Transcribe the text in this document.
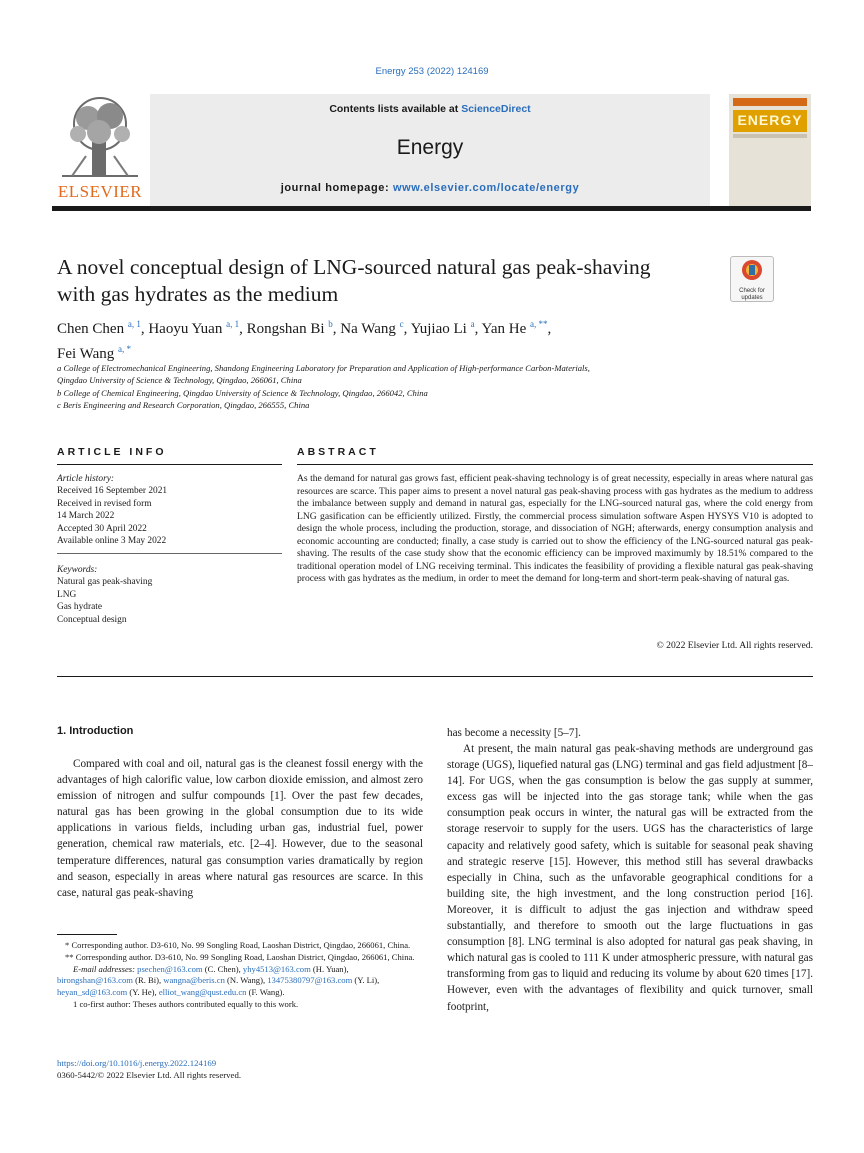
Energy 253 (2022) 124169
ELSEVIER
Contents lists available at ScienceDirect
Energy
journal homepage: www.elsevier.com/locate/energy
ENERGY
A novel conceptual design of LNG-sourced natural gas peak-shaving
with gas hydrates as the medium	Check for
updates
Chen Chen $^{a, 1}$, Haoyu Yuan $^{a, 1}$, Rongshan Bi $^b$, Na Wang $^c$, Yujiao Li $^a$, Yan He $^{a, **}$,
Fei Wang $^{a, *}$
a College of Electromechanical Engineering, Shandong Engineering Laboratory for Preparation and Application of High-performance Carbon-Materials,
Qingdao University of Science & Technology, Qingdao, 266061, China
b College of Chemical Engineering, Qingdao University of Science & Technology, Qingdao, 266042, China
c Beris Engineering and Research Corporation, Qingdao, 266555, China
ARTICLE INFO	ABSTRACT
Article history:
Received 16 September 2021
Received in revised form
14 March 2022
Accepted 30 April 2022
Available online 3 May 2022
Keywords:
Natural gas peak-shaving
LNG
Gas hydrate
Conceptual design
As the demand for natural gas grows fast, efficient peak-shaving technology is of great necessity, especially in areas where natural gas resources are scarce. This paper aims to present a novel natural gas peak-shaving process with gas hydrates as the medium to address the imbalance between supply and demand in natural gas, especially for the LNG-sourced natural gas, where the cold energy from LNG gasification can be efficiently utilized. Firstly, the commercial process simulation software Aspen HYSYS V10 is adopted to design the whole process, including the production, storage, and dissociation of NGH; afterwards, energy consumption analysis and economic accounting are conducted; finally, a case study is carried out to show the efficiency of the LNG-sourced natural gas peak-shaving. The results of the case study show that the economic efficiency can be improved maximumly by 18.51% compared to the traditional operation model of LNG receiving terminal. This indicates the feasibility of providing a flexible natural gas peak-shaving process with gas hydrates as the medium, in order to meet the demand for long-term and short-term peak-shaving of natural gas.
© 2022 Elsevier Ltd. All rights reserved.
1. Introduction
Compared with coal and oil, natural gas is the cleanest fossil energy with the advantages of high calorific value, low carbon dioxide emission, and almost zero emission of nitrogen and sulfur compounds [1]. Over the past few decades, natural gas has been growing in the global consumption due to its wide applications in various fields, including urban gas, industrial fuel, power generation, chemical raw materials, etc. [2–4]. However, due to the seasonal temperature differences, natural gas consumption varies dramatically by region and season, especially in areas where natural gas resources are scarce. In this case, natural gas peak-shaving
has become a necessity [5–7].
At present, the main natural gas peak-shaving methods are underground gas storage (UGS), liquefied natural gas (LNG) terminal and gas field adjustment [8–14]. For UGS, when the gas consumption is below the gas supply at summer, excess gas will be injected into the gas storage tank; while when the gas consumption peak occurs in winter, the natural gas will be extracted from the storage reservoir to supply for the users. UGS has the characteristics of large capacity and relatively good safety, which is suitable for seasonal peak shaving and strategic reserve [15]. However, this method still has several drawbacks especially in China, such as the unfavorable geographical conditions for a building site, the high investment, and the long construction period [16]. Moreover, it is difficult to adjust the gas injection and withdraw speed substantially, and therefore to smooth out the large fluctuations in gas consumption [8]. LNG terminal is also adopted for natural gas peak shaving, in which natural gas is cooled to 111 K under atmospheric pressure, with natural gas transforming from gas to liquid and reducing its volume by about 620 times [17]. However, even with the advantages of flexibility and quick turnover, small footprint,
* Corresponding author. D3-610, No. 99 Songling Road, Laoshan District, Qingdao, 266061, China.
** Corresponding author. D3-610, No. 99 Songling Road, Laoshan District, Qingdao, 266061, China.
E-mail addresses: psechen@163.com (C. Chen), yhy4513@163.com (H. Yuan), birongshan@163.com (R. Bi), wangna@beris.cn (N. Wang), 13475380797@163.com (Y. Li), heyan_sd@163.com (Y. He), elliot_wang@qust.edu.cn (F. Wang).
1 co-first author: Theses authors contributed equally to this work.
https://doi.org/10.1016/j.energy.2022.124169
0360-5442/© 2022 Elsevier Ltd. All rights reserved.
